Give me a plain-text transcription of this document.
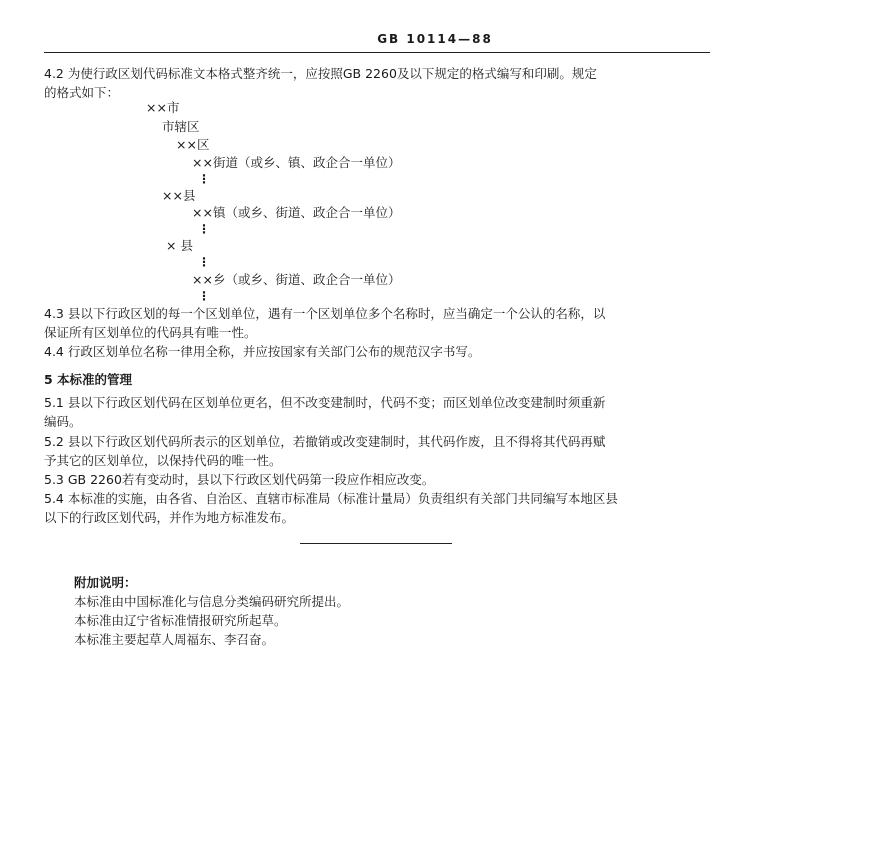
GB 10114—88
4.2 为使行政区划代码标准文本格式整齐统一，应按照GB 2260及以下规定的格式编写和印刷。规定
的格式如下：
××市
市辖区
××区
××街道（或乡、镇、政企合一单位）
⋮
××县
××镇（或乡、街道、政企合一单位）
⋮
× 县
⋮
××乡（或乡、街道、政企合一单位）
⋮
4.3 县以下行政区划的每一个区划单位，遇有一个区划单位多个名称时，应当确定一个公认的名称，以
保证所有区划单位的代码具有唯一性。
4.4 行政区划单位名称一律用全称，并应按国家有关部门公布的规范汉字书写。
5 本标准的管理
5.1 县以下行政区划代码在区划单位更名，但不改变建制时，代码不变；而区划单位改变建制时须重新
编码。
5.2 县以下行政区划代码所表示的区划单位，若撤销或改变建制时，其代码作废，且不得将其代码再赋
予其它的区划单位，以保持代码的唯一性。
5.3 GB 2260若有变动时，县以下行政区划代码第一段应作相应改变。
5.4 本标准的实施，由各省、自治区、直辖市标准局（标准计量局）负责组织有关部门共同编写本地区县
以下的行政区划代码，并作为地方标准发布。
附加说明：
本标准由中国标准化与信息分类编码研究所提出。
本标准由辽宁省标准情报研究所起草。
本标准主要起草人周福东、李召奋。
